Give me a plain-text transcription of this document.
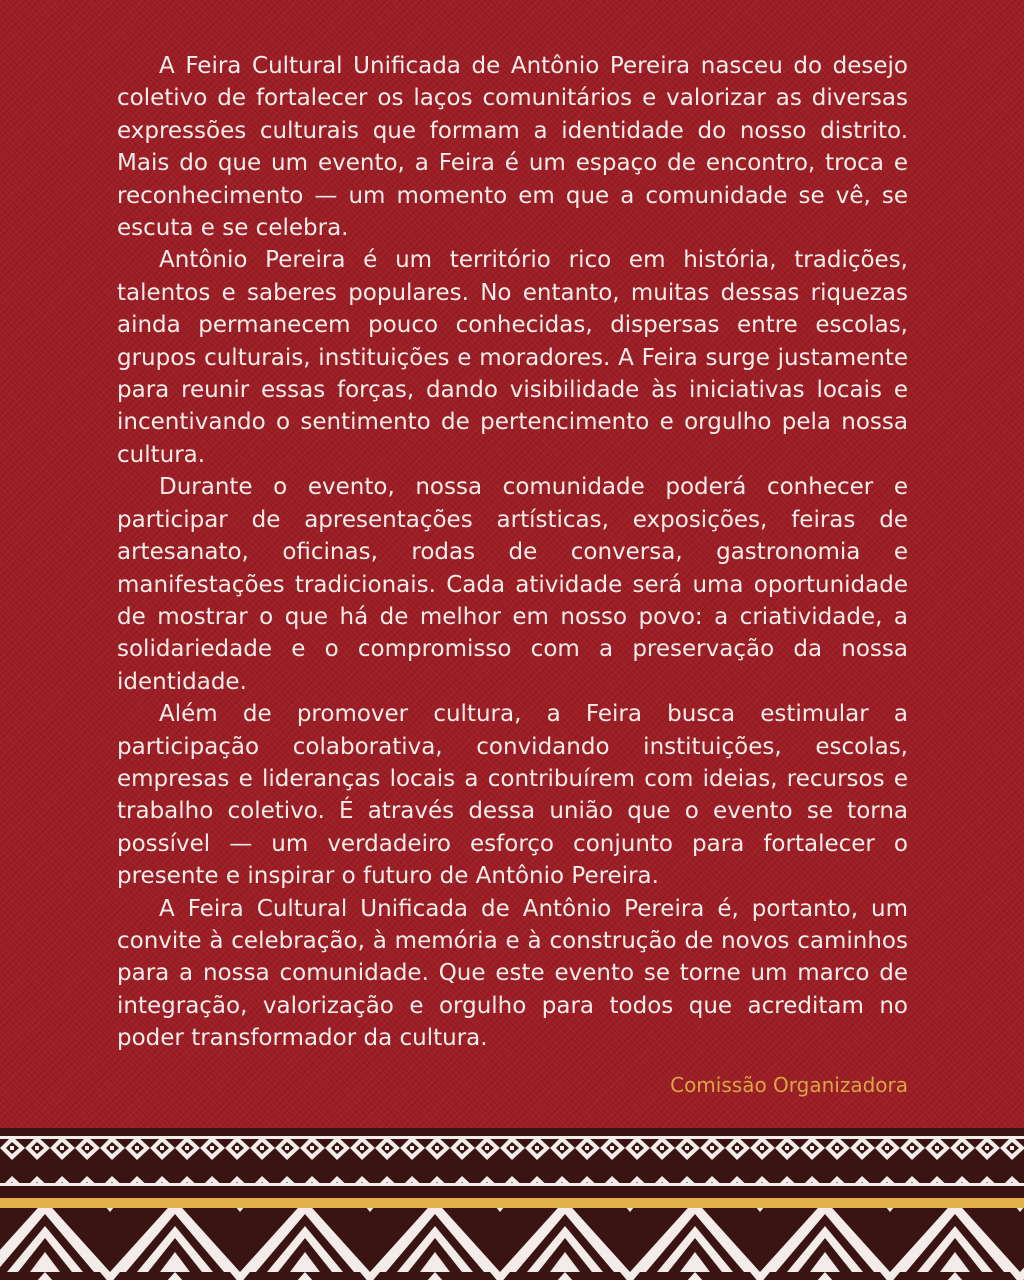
A Feira Cultural Unificada de Antônio Pereira nasceu do desejo coletivo de fortalecer os laços comunitários e valorizar as diversas expressões culturais que formam a identidade do nosso distrito. Mais do que um evento, a Feira é um espaço de encontro, troca e reconhecimento — um momento em que a comunidade se vê, se escuta e se celebra.

Antônio Pereira é um território rico em história, tradições, talentos e saberes populares. No entanto, muitas dessas riquezas ainda permanecem pouco conhecidas, dispersas entre escolas, grupos culturais, instituições e moradores. A Feira surge justamente para reunir essas forças, dando visibilidade às iniciativas locais e incentivando o sentimento de pertencimento e orgulho pela nossa cultura.

Durante o evento, nossa comunidade poderá conhecer e participar de apresentações artísticas, exposições, feiras de artesanato, oficinas, rodas de conversa, gastronomia e manifestações tradicionais. Cada atividade será uma oportunidade de mostrar o que há de melhor em nosso povo: a criatividade, a solidariedade e o compromisso com a preservação da nossa identidade.

Além de promover cultura, a Feira busca estimular a participação colaborativa, convidando instituições, escolas, empresas e lideranças locais a contribuírem com ideias, recursos e trabalho coletivo. É através dessa união que o evento se torna possível — um verdadeiro esforço conjunto para fortalecer o presente e inspirar o futuro de Antônio Pereira.

A Feira Cultural Unificada de Antônio Pereira é, portanto, um convite à celebração, à memória e à construção de novos caminhos para a nossa comunidade. Que este evento se torne um marco de integração, valorização e orgulho para todos que acreditam no poder transformador da cultura.

Comissão Organizadora
